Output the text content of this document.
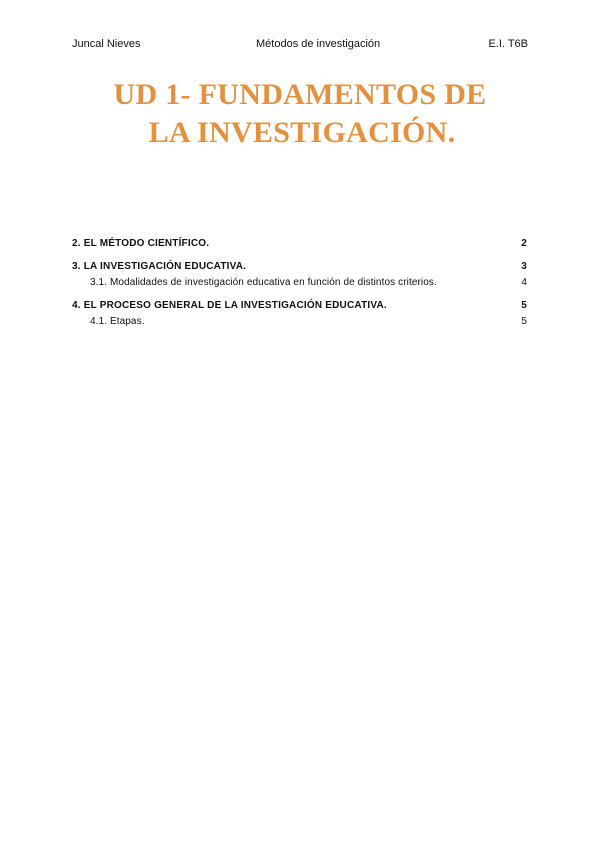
Juncal Nieves	Métodos de investigación	E.I. T6B
UD 1- FUNDAMENTOS DE
LA INVESTIGACIÓN.
2. EL MÉTODO CIENTÍFICO.	2
3. LA INVESTIGACIÓN EDUCATIVA.	3
3.1. Modalidades de investigación educativa en función de distintos criterios.	4
4. EL PROCESO GENERAL DE LA INVESTIGACIÓN EDUCATIVA.	5
4.1. Etapas.	5
